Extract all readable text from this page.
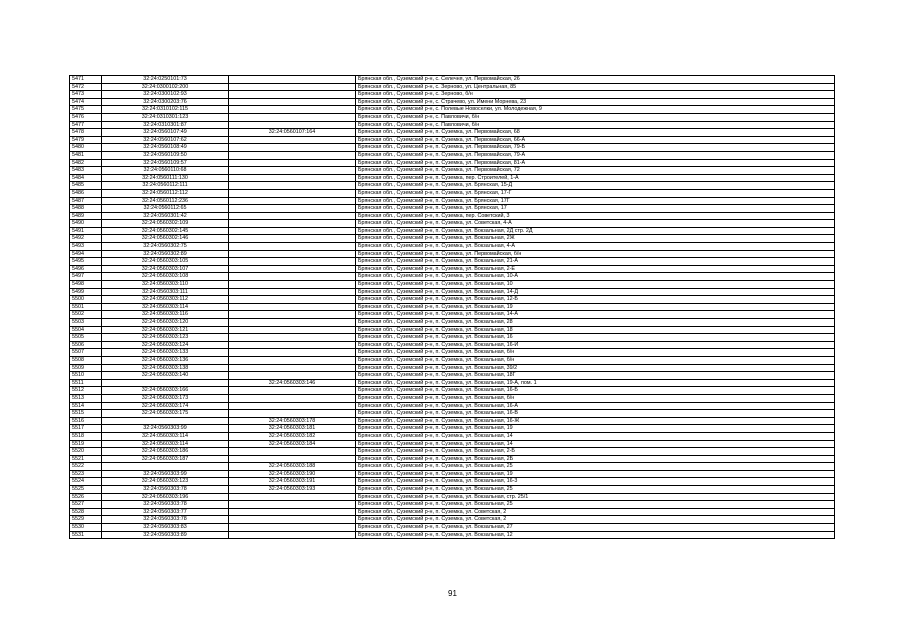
5471	32:24:0250101:73		Брянская обл., Суземский р-н, с. Селечня, ул. Первомайская, 26
5472	32:24:0300102:200		Брянская обл., Суземский р-н, с. Зерново, ул. Центральная, 85
5473	32:24:0300102:93		Брянская обл., Суземский р-н, с. Зерново, б/н
5474	32:24:0300203:76		Брянская обл., Суземский р-н, с. Страчево, ул. Имени Морнева, 23
5475	32:24:0310102:115		Брянская обл., Суземский р-н, с. Полевые Новоселки, ул. Молодежная, 9
5476	32:24:0310301:123		Брянская обл., Суземский р-н, с. Павловичи, б/н
5477	32:24:0310301:87		Брянская обл., Суземский р-н, с. Павловичи, б/н
5478	32:24:0560107:49	32:24:0560107:164	Брянская обл., Суземский р-н, п. Суземка, ул. Первомайская, 68
5479	32:24:0560107:62		Брянская обл., Суземский р-н, п. Суземка, ул. Первомайская, 66-А
5480	32:24:0560108:49		Брянская обл., Суземский р-н, п. Суземка, ул. Первомайская, 79-Б
5481	32:24:0560109:50		Брянская обл., Суземский р-н, п. Суземка, ул. Первомайская, 79-А
5482	32:24:0560109:57		Брянская обл., Суземский р-н, п. Суземка, ул. Первомайская, 81-А
5483	32:24:0560110:68		Брянская обл., Суземский р-н, п. Суземка, ул. Первомайская, 72
5484	32:24:0560111:130		Брянская обл., Суземский р-н, п. Суземка, пер. Строителей, 1-А
5485	32:24:0560112:111		Брянская обл., Суземский р-н, п. Суземка, ул. Брянская, 15-Д
5486	32:24:0560112:112		Брянская обл., Суземский р-н, п. Суземка, ул. Брянская, 17-Г
5487	32:24:0560112:236		Брянская обл., Суземский р-н, п. Суземка, ул. Брянская, 17Г
5488	32:24:0560112:65		Брянская обл., Суземский р-н, п. Суземка, ул. Брянская, 17
5489	32:24:0560301:42		Брянская обл., Суземский р-н, п. Суземка, пер. Советский, 3
5490	32:24:0560302:109		Брянская обл., Суземский р-н, п. Суземка, ул. Советская, 4-А
5491	32:24:0560302:145		Брянская обл., Суземский р-н, п. Суземка, ул. Вокзальная, 2Д стр. 2Д
5492	32:24:0560302:146		Брянская обл., Суземский р-н, п. Суземка, ул. Вокзальная, 2Ж
5493	32:24:0560302:75		Брянская обл., Суземский р-н, п. Суземка, ул. Вокзальная, 4-А
5494	32:24:0560302:89		Брянская обл., Суземский р-н, п. Суземка, ул. Первомайская, б/н
5495	32:24:0560303:105		Брянская обл., Суземский р-н, п. Суземка, ул. Вокзальная, 21-А
5496	32:24:0560303:107		Брянская обл., Суземский р-н, п. Суземка, ул. Вокзальная, 2-Е
5497	32:24:0560303:108		Брянская обл., Суземский р-н, п. Суземка, ул. Вокзальная, 10-А
5498	32:24:0560303:110		Брянская обл., Суземский р-н, п. Суземка, ул. Вокзальная, 10
5499	32:24:0560303:111		Брянская обл., Суземский р-н, п. Суземка, ул. Вокзальная, 14-Д
5500	32:24:0560303:112		Брянская обл., Суземский р-н, п. Суземка, ул. Вокзальная, 12-Б
5501	32:24:0560303:114		Брянская обл., Суземский р-н, п. Суземка, ул. Вокзальная, 19
5502	32:24:0560303:116		Брянская обл., Суземский р-н, п. Суземка, ул. Вокзальная, 14-А
5503	32:24:0560303:120		Брянская обл., Суземский р-н, п. Суземка, ул. Вокзальная, 28
5504	32:24:0560303:121		Брянская обл., Суземский р-н, п. Суземка, ул. Вокзальная, 18
5505	32:24:0560303:123		Брянская обл., Суземский р-н, п. Суземка, ул. Вокзальная, 16
5506	32:24:0560303:124		Брянская обл., Суземский р-н, п. Суземка, ул. Вокзальная, 16-И
5507	32:24:0560303:133		Брянская обл., Суземский р-н, п. Суземка, ул. Вокзальная, б/н
5508	32:24:0560303:136		Брянская обл., Суземский р-н, п. Суземка, ул. Вокзальная, б/н
5509	32:24:0560303:138		Брянская обл., Суземский р-н, п. Суземка, ул. Вокзальная, 39/2
5510	32:24:0560303:140		Брянская обл., Суземский р-н, п. Суземка, ул. Вокзальная, 18Г
5511		32:24:0560303:146	Брянская обл., Суземский р-н, п. Суземка, ул. Вокзальная, 19-А, пом. 1
5512	32:24:0560303:166		Брянская обл., Суземский р-н, п. Суземка, ул. Вокзальная, 16-Б
5513	32:24:0560303:173		Брянская обл., Суземский р-н, п. Суземка, ул. Вокзальная, б/н
5514	32:24:0560303:174		Брянская обл., Суземский р-н, п. Суземка, ул. Вокзальная, 16-А
5515	32:24:0560303:175		Брянская обл., Суземский р-н, п. Суземка, ул. Вокзальная, 16-В
5516		32:24:0560303:178	Брянская обл., Суземский р-н, п. Суземка, ул. Вокзальная, 16-Ж
5517	32:24:0560303:99	32:24:0560303:181	Брянская обл., Суземский р-н, п. Суземка, ул. Вокзальная, 19
5518	32:24:0560303:114	32:24:0560303:182	Брянская обл., Суземский р-н, п. Суземка, ул. Вокзальная, 14
5519	32:24:0560303:114	32:24:0560303:184	Брянская обл., Суземский р-н, п. Суземка, ул. Вокзальная, 14
5520	32:24:0560303:186		Брянская обл., Суземский р-н, п. Суземка, ул. Вокзальная, 2-Б
5521	32:24:0560303:187		Брянская обл., Суземский р-н, п. Суземка, ул. Вокзальная, 2Б
5522		32:24:0560303:188	Брянская обл., Суземский р-н, п. Суземка, ул. Вокзальная, 25
5523	32:24:0560303:99	32:24:0560303:190	Брянская обл., Суземский р-н, п. Суземка, ул. Вокзальная, 19
5524	32:24:0560303:123	32:24:0560303:191	Брянская обл., Суземский р-н, п. Суземка, ул. Вокзальная, 16-3
5525	32:24:0560303:78	32:24:0560303:193	Брянская обл., Суземский р-н, п. Суземка, ул. Вокзальная, 25
5526	32:24:0560303:196		Брянская обл., Суземский р-н, п. Суземка, ул. Вокзальная, стр. 25/1
5527	32:24:0560303:78		Брянская обл., Суземский р-н, п. Суземка, ул. Вокзальная, 25
5528	32:24:0560303:77		Брянская обл., Суземский р-н, п. Суземка, ул. Советская, 2
5529	32:24:0560303:78		Брянская обл., Суземский р-н, п. Суземка, ул. Советская, 2
5530	32:24:0560303:83		Брянская обл., Суземский р-н, п. Суземка, ул. Вокзальная, 27
5531	32:24:0560303:89		Брянская обл., Суземский р-н, п. Суземка, ул. Вокзальная, 12
91
